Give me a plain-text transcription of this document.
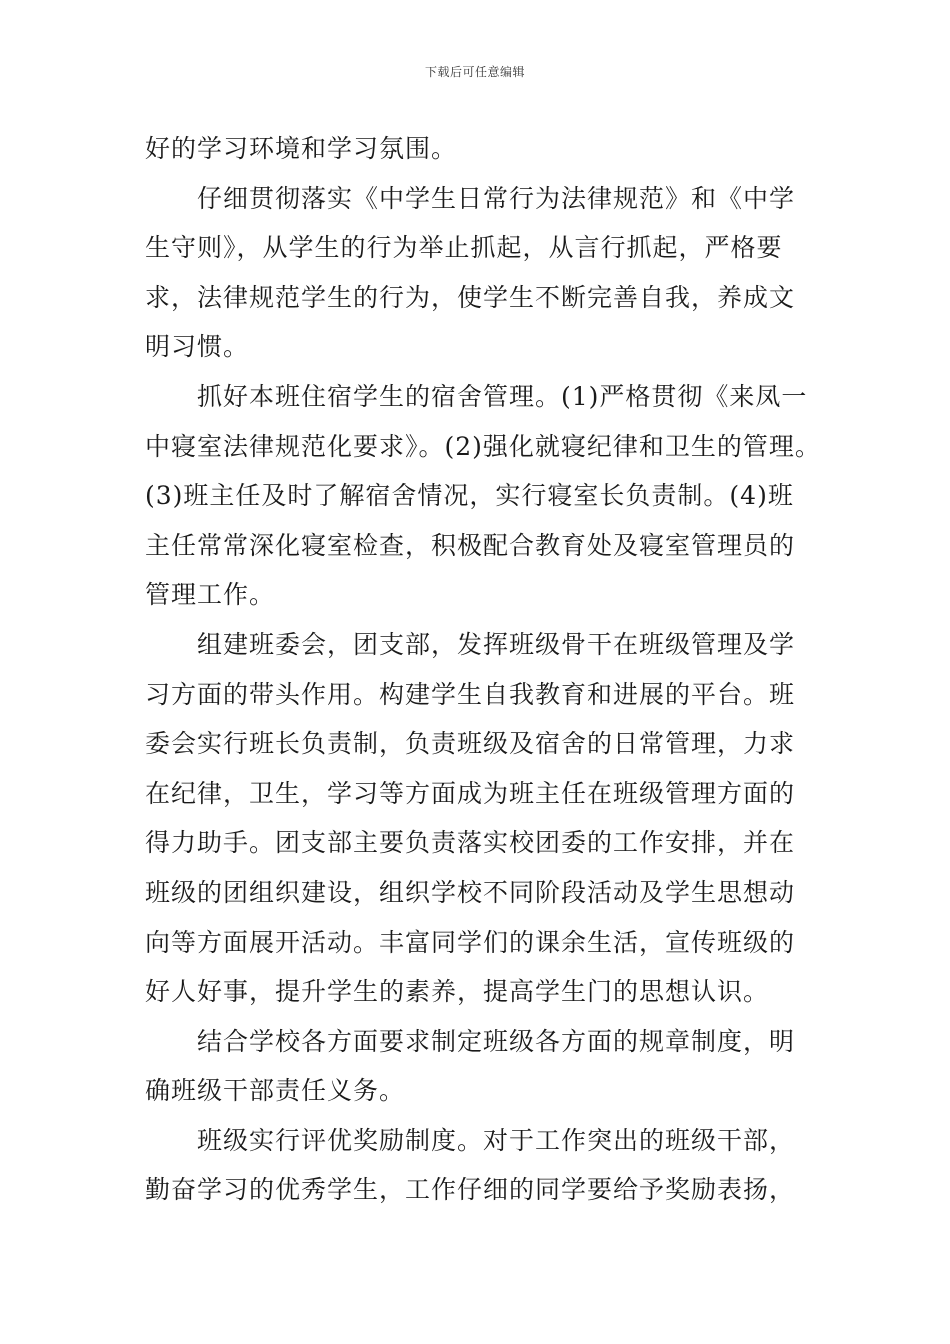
下载后可任意编辑
好的学习环境和学习氛围。
仔细贯彻落实《中学生日常行为法律规范》和《中学
生守则》，从学生的行为举止抓起，从言行抓起，严格要
求，法律规范学生的行为，使学生不断完善自我，养成文
明习惯。
抓好本班住宿学生的宿舍管理。(1)严格贯彻《来凤一
中寝室法律规范化要求》。(2)强化就寝纪律和卫生的管理。
(3)班主任及时了解宿舍情况，实行寝室长负责制。(4)班
主任常常深化寝室检查，积极配合教育处及寝室管理员的
管理工作。
组建班委会，团支部，发挥班级骨干在班级管理及学
习方面的带头作用。构建学生自我教育和进展的平台。班
委会实行班长负责制，负责班级及宿舍的日常管理，力求
在纪律，卫生，学习等方面成为班主任在班级管理方面的
得力助手。团支部主要负责落实校团委的工作安排，并在
班级的团组织建设，组织学校不同阶段活动及学生思想动
向等方面展开活动。丰富同学们的课余生活，宣传班级的
好人好事，提升学生的素养，提高学生门的思想认识。
结合学校各方面要求制定班级各方面的规章制度，明
确班级干部责任义务。
班级实行评优奖励制度。对于工作突出的班级干部，
勤奋学习的优秀学生，工作仔细的同学要给予奖励表扬，
